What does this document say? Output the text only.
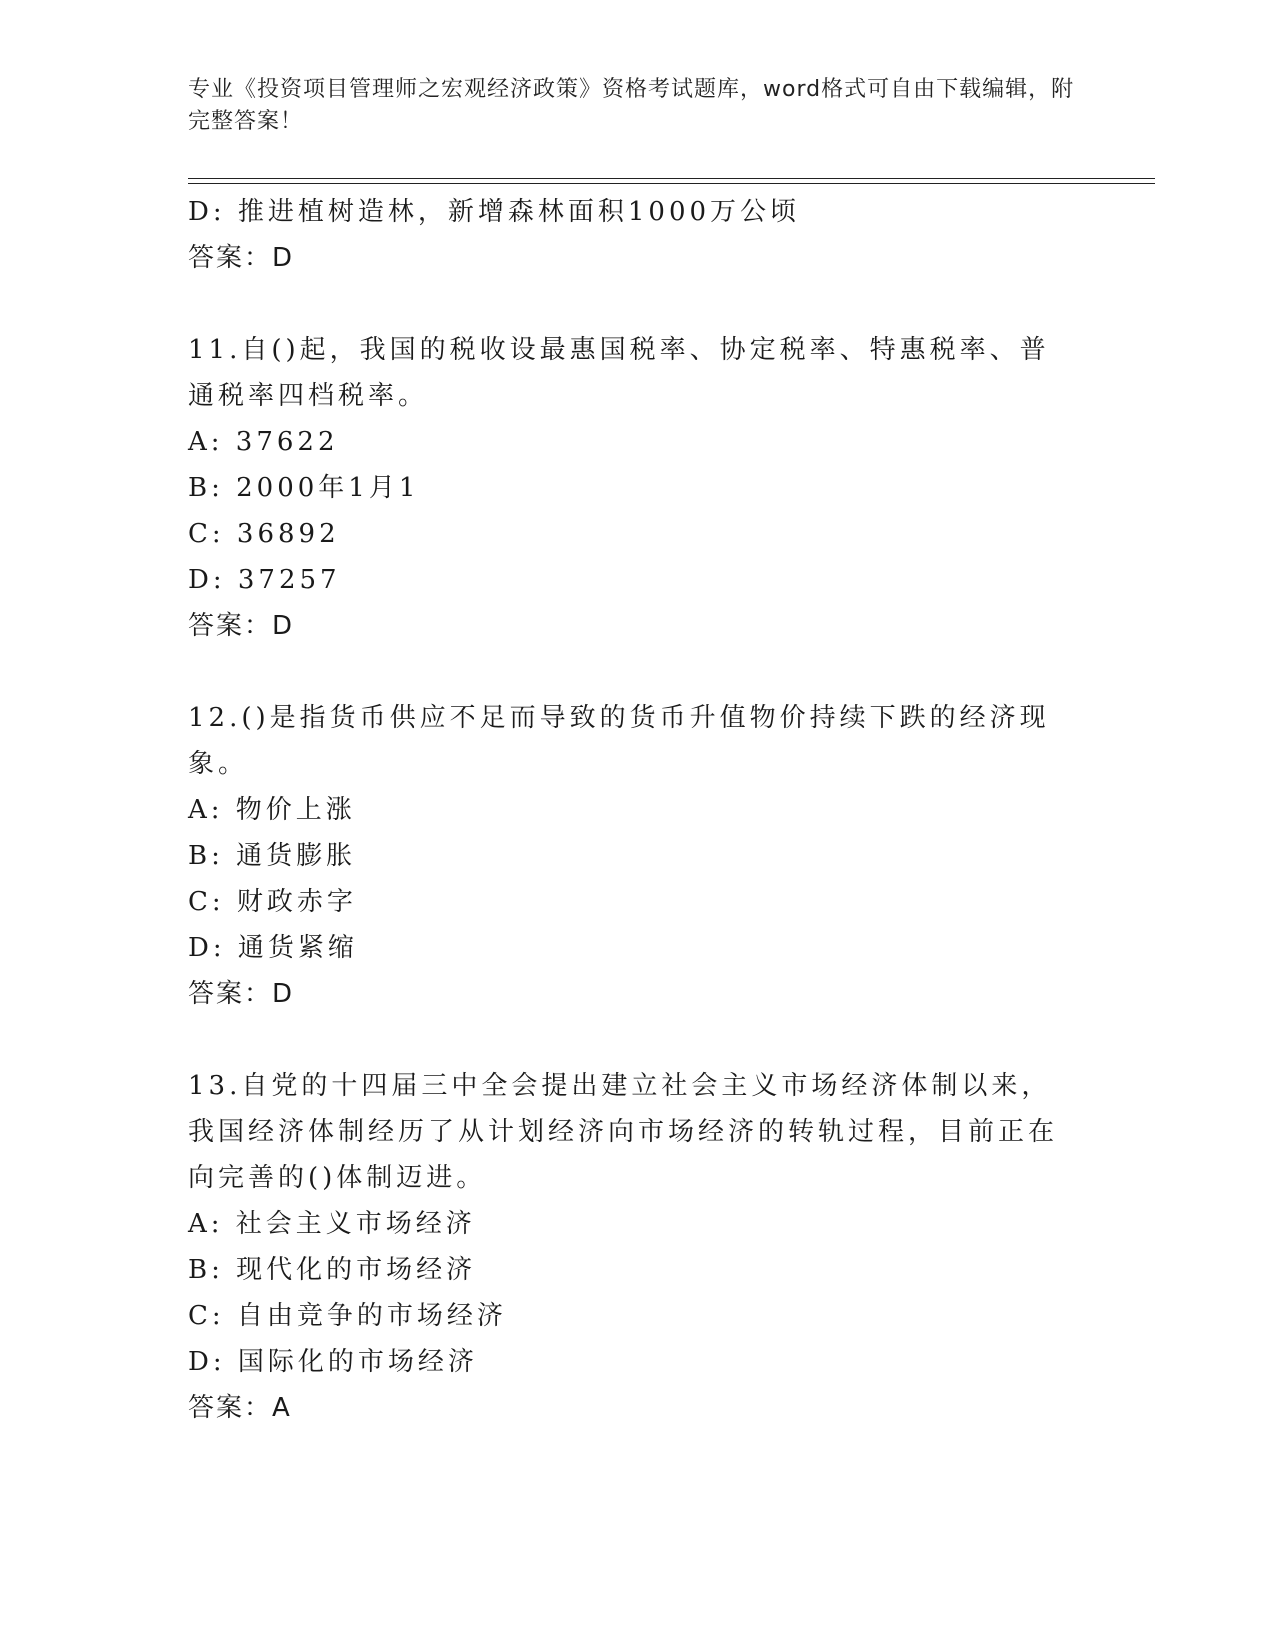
专业《投资项目管理师之宏观经济政策》资格考试题库，word格式可自由下载编辑，附完整答案！
D: 推进植树造林，新增森林面积1000万公顷
答案：D
11.自()起，我国的税收设最惠国税率、协定税率、特惠税率、普通税率四档税率。
A: 37622
B: 2000年1月1
C: 36892
D: 37257
答案：D
12.()是指货币供应不足而导致的货币升值物价持续下跌的经济现象。
A: 物价上涨
B: 通货膨胀
C: 财政赤字
D: 通货紧缩
答案：D
13.自党的十四届三中全会提出建立社会主义市场经济体制以来，我国经济体制经历了从计划经济向市场经济的转轨过程，目前正在向完善的()体制迈进。
A: 社会主义市场经济
B: 现代化的市场经济
C: 自由竞争的市场经济
D: 国际化的市场经济
答案：A
